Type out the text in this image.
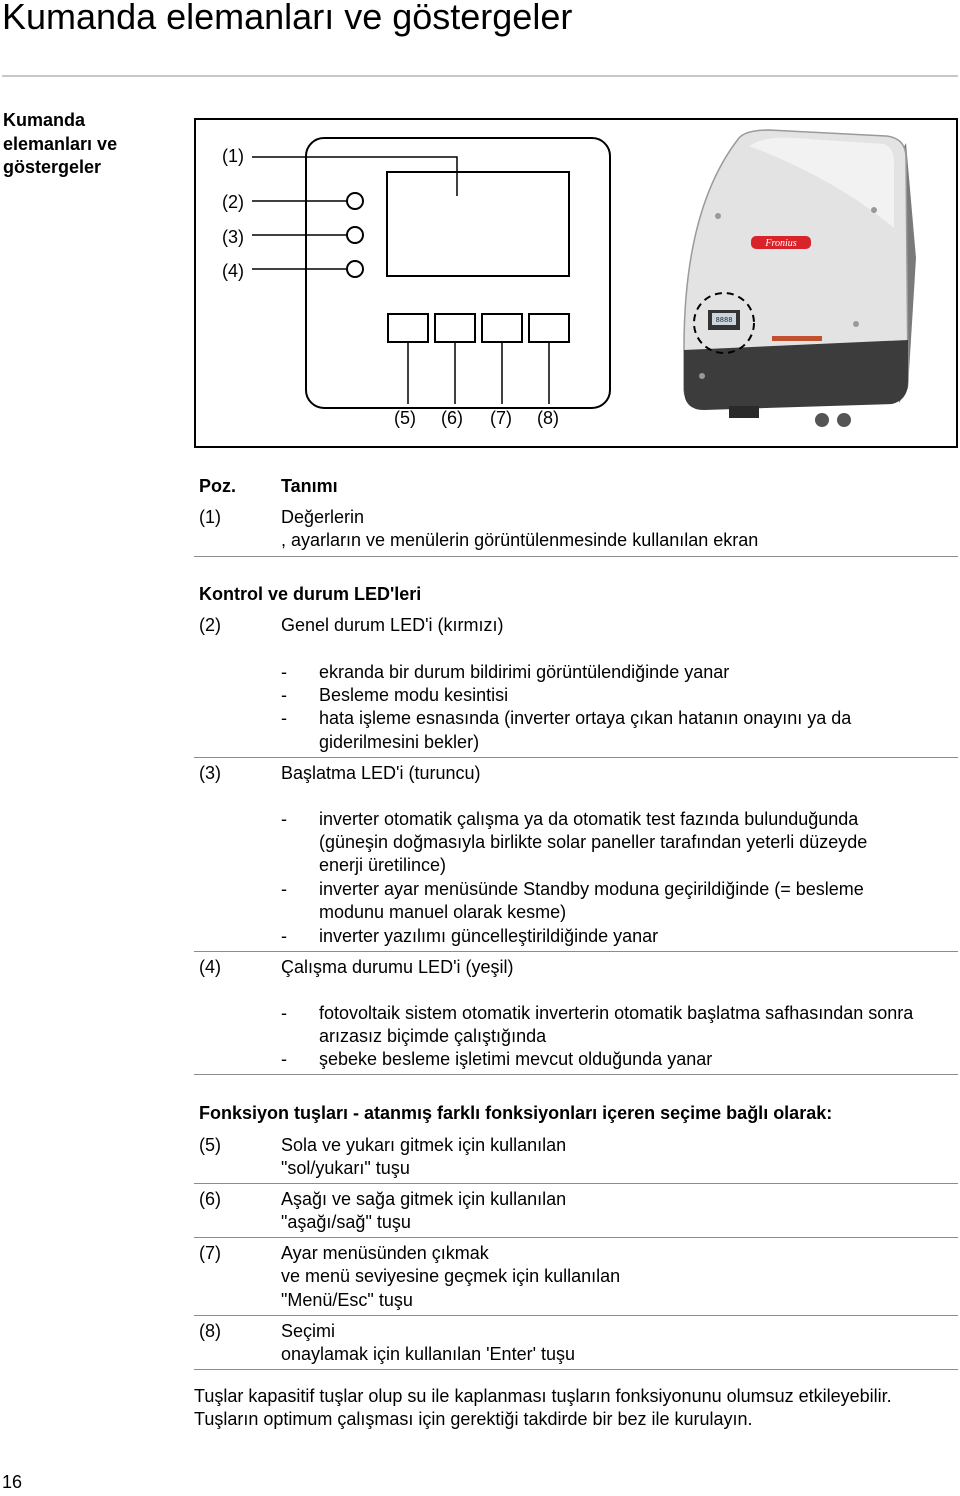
Kumanda elemanları ve göstergeler
Kumanda elemanları ve göstergeler
(1)
(2)
(3)
(4)
(5) (6) (7) (8)
Fronius
8888
Poz. Tanımı
(1)	Değerlerin
, ayarların ve menülerin görüntülenmesinde kullanılan ekran
Kontrol ve durum LED'leri
(2)	Genel durum LED'i (kırmızı)
- ekranda bir durum bildirimi görüntülendiğinde yanar
- Besleme modu kesintisi
- hata işleme esnasında (inverter ortaya çıkan hatanın onayını ya da
giderilmesini bekler)
(3)	Başlatma LED'i (turuncu)
- inverter otomatik çalışma ya da otomatik test fazında bulunduğunda
(güneşin doğmasıyla birlikte solar paneller tarafından yeterli düzeyde
enerji üretilince)
- inverter ayar menüsünde Standby moduna geçirildiğinde (= besleme
modunu manuel olarak kesme)
- inverter yazılımı güncelleştirildiğinde yanar
(4)	Çalışma durumu LED'i (yeşil)
- fotovoltaik sistem otomatik inverterin otomatik başlatma safhasından sonra
arızasız biçimde çalıştığında
- şebeke besleme işletimi mevcut olduğunda yanar
Fonksiyon tuşları - atanmış farklı fonksiyonları içeren seçime bağlı olarak:
(5)	Sola ve yukarı gitmek için kullanılan
"sol/yukarı" tuşu
(6)	Aşağı ve sağa gitmek için kullanılan
"aşağı/sağ" tuşu
(7)	Ayar menüsünden çıkmak
ve menü seviyesine geçmek için kullanılan
"Menü/Esc" tuşu
(8)	Seçimi
onaylamak için kullanılan 'Enter' tuşu
Tuşlar kapasitif tuşlar olup su ile kaplanması tuşların fonksiyonunu olumsuz etkileyebilir.
Tuşların optimum çalışması için gerektiği takdirde bir bez ile kurulayın.
16
